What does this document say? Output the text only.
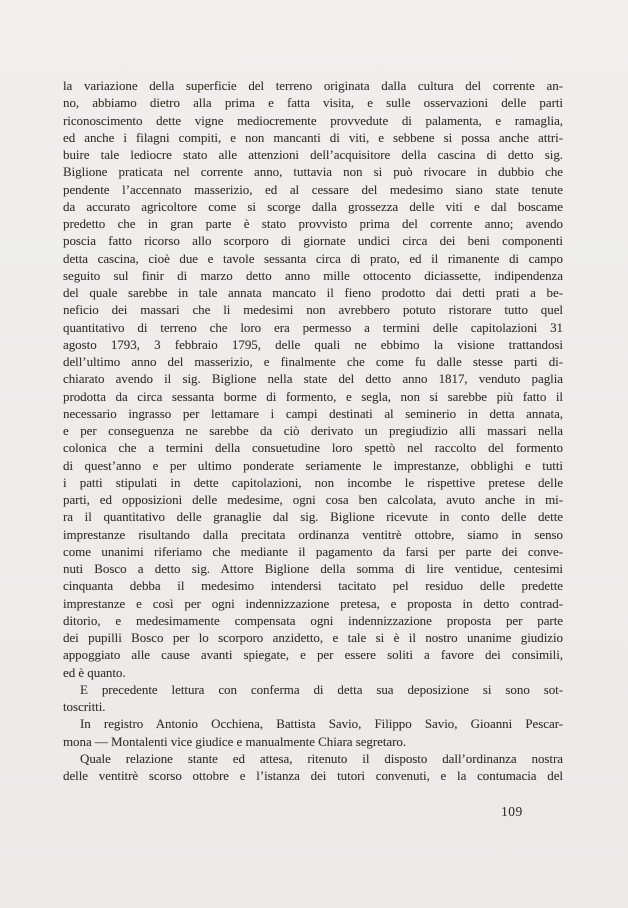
la variazione della superficie del terreno originata dalla cultura del corrente an-
no, abbiamo dietro alla prima e fatta visita, e sulle osservazioni delle parti
riconoscimento dette vigne mediocremente provvedute di palamenta, e ramaglia,
ed anche i filagni compiti, e non mancanti di viti, e sebbene si possa anche attri-
buire tale lediocre stato alle attenzioni dell’acquisitore della cascina di detto sig.
Biglione praticata nel corrente anno, tuttavia non si può rivocare in dubbio che
pendente l’accennato masserizio, ed al cessare del medesimo siano state tenute
da accurato agricoltore come si scorge dalla grossezza delle viti e dal boscame
predetto che in gran parte è stato provvisto prima del corrente anno; avendo
poscia fatto ricorso allo scorporo di giornate undici circa dei beni componenti
detta cascina, cioè due e tavole sessanta circa di prato, ed il rimanente di campo
seguito sul finir di marzo detto anno mille ottocento diciassette, indipendenza
del quale sarebbe in tale annata mancato il fieno prodotto dai detti prati a be-
neficio dei massari che li medesimi non avrebbero potuto ristorare tutto quel
quantitativo di terreno che loro era permesso a termini delle capitolazioni 31
agosto 1793, 3 febbraio 1795, delle quali ne ebbimo la visione trattandosi
dell’ultimo anno del masserizio, e finalmente che come fu dalle stesse parti di-
chiarato avendo il sig. Biglione nella state del detto anno 1817, venduto paglia
prodotta da circa sessanta borme di formento, e segla, non si sarebbe più fatto il
necessario ingrasso per lettamare i campi destinati al seminerio in detta annata,
e per conseguenza ne sarebbe da ciò derivato un pregiudizio alli massari nella
colonica che a termini della consuetudine loro spettò nel raccolto del formento
di quest’anno e per ultimo ponderate seriamente le imprestanze, obblighi e tutti
i patti stipulati in dette capitolazioni, non incombe le rispettive pretese delle
parti, ed opposizioni delle medesime, ogni cosa ben calcolata, avuto anche in mi-
ra il quantitativo delle granaglie dal sig. Biglione ricevute in conto delle dette
imprestanze risultando dalla precitata ordinanza ventitrè ottobre, siamo in senso
come unanimi riferiamo che mediante il pagamento da farsi per parte dei conve-
nuti Bosco a detto sig. Attore Biglione della somma di lire ventidue, centesimi
cinquanta debba il medesimo intendersi tacitato pel residuo delle predette
imprestanze e così per ogni indennizzazione pretesa, e proposta in detto contrad-
ditorio, e medesimamente compensata ogni indennizzazione proposta per parte
dei pupilli Bosco per lo scorporo anzidetto, e tale si è il nostro unanime giudizio
appoggiato alle cause avanti spiegate, e per essere soliti a favore dei consimili,
ed è quanto.
E precedente lettura con conferma di detta sua deposizione si sono sot-
toscritti.
In registro Antonio Occhiena, Battista Savio, Filippo Savio, Gioanni Pescar-
mona — Montalenti vice giudice e manualmente Chiara segretaro.
Quale relazione stante ed attesa, ritenuto il disposto dall’ordinanza nostra
delle ventitrè scorso ottobre e l’istanza dei tutori convenuti, e la contumacia del
109
